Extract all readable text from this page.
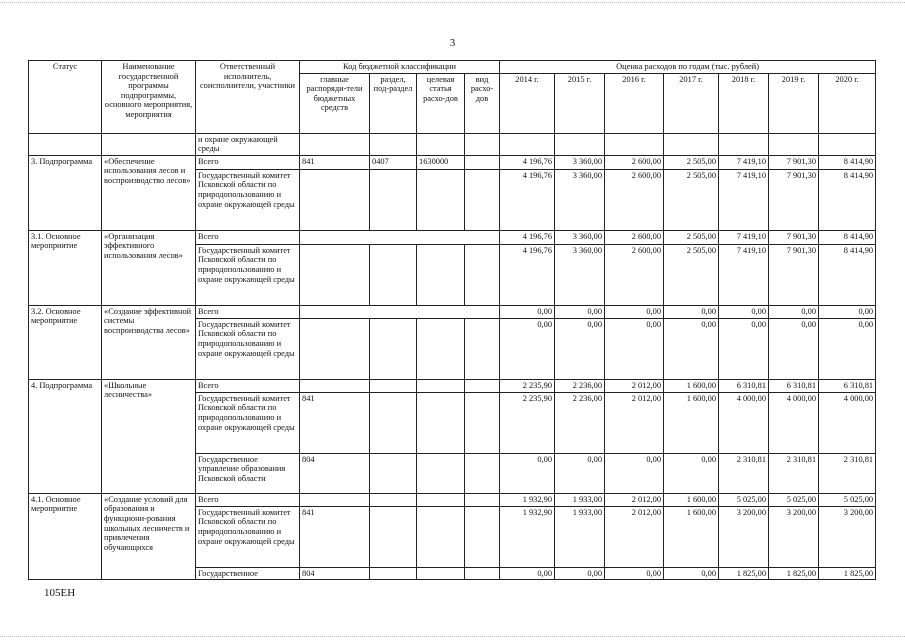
3
Статус	Наименование государственной программы подпрограммы, основного мероприятия, мероприятия	Ответственный исполнитель, соисполнители, участники	Код бюджетной классификации				Оценка расходов по годам (тыс. рублей)						
			главные распоряди-тели бюджетных средств	раздел, под-раздел	целевая статья расхо-дов	вид расхо-дов	2014 г.	2015 г.	2016 г.	2017 г.	2018 г.	2019 г.	2020 г.
		и охране окружающей среды											
3. Подпрограмма	«Обеспечение использования лесов и воспроизводство лесов»	Всего	841	0407	1630000		4 196,76	3 360,00	2 600,00	2 505,00	7 419,10	7 901,30	8 414,90
		Государственный комитет Псковской области по природопользованию и охране окружающей среды					4 196,76	3 360,00	2 600,00	2 505,00	7 419,10	7 901,30	8 414,90
3.1. Основное мероприятие	«Организация эффективного использования лесов»	Всего					4 196,76	3 360,00	2 600,00	2 505,00	7 419,10	7 901,30	8 414,90
		Государственный комитет Псковской области по природопользованию и охране окружающей среды					4 196,76	3 360,00	2 600,00	2 505,00	7 419,10	7 901,30	8 414,90
3.2. Основное мероприятие	«Создание эффективной системы воспроизводства лесов»	Всего					0,00	0,00	0,00	0,00	0,00	0,00	0,00
		Государственный комитет Псковской области по природопользованию и охране окружающей среды					0,00	0,00	0,00	0,00	0,00	0,00	0,00
4. Подпрограмма	«Школьные лесничества»	Всего					2 235,90	2 236,00	2 012,00	1 600,00	6 310,81	6 310,81	6 310,81
		Государственный комитет Псковской области по природопользованию и охране окружающей среды	841				2 235,90	2 236,00	2 012,00	1 600,00	4 000,00	4 000,00	4 000,00
		Государственное управление образования Псковской области	804				0,00	0,00	0,00	0,00	2 310,81	2 310,81	2 310,81
4.1. Основное мероприятие	«Создание условий для образования и функциони-рования школьных лесничеств и привлечения обучающихся	Всего					1 932,90	1 933,00	2 012,00	1 600,00	5 025,00	5 025,00	5 025,00
		Государственный комитет Псковской области по природопользованию и охране окружающей среды	841				1 932,90	1 933,00	2 012,00	1 600,00	3 200,00	3 200,00	3 200,00
		Государственное	804				0,00	0,00	0,00	0,00	1 825,00	1 825,00	1 825,00
105ЕН
